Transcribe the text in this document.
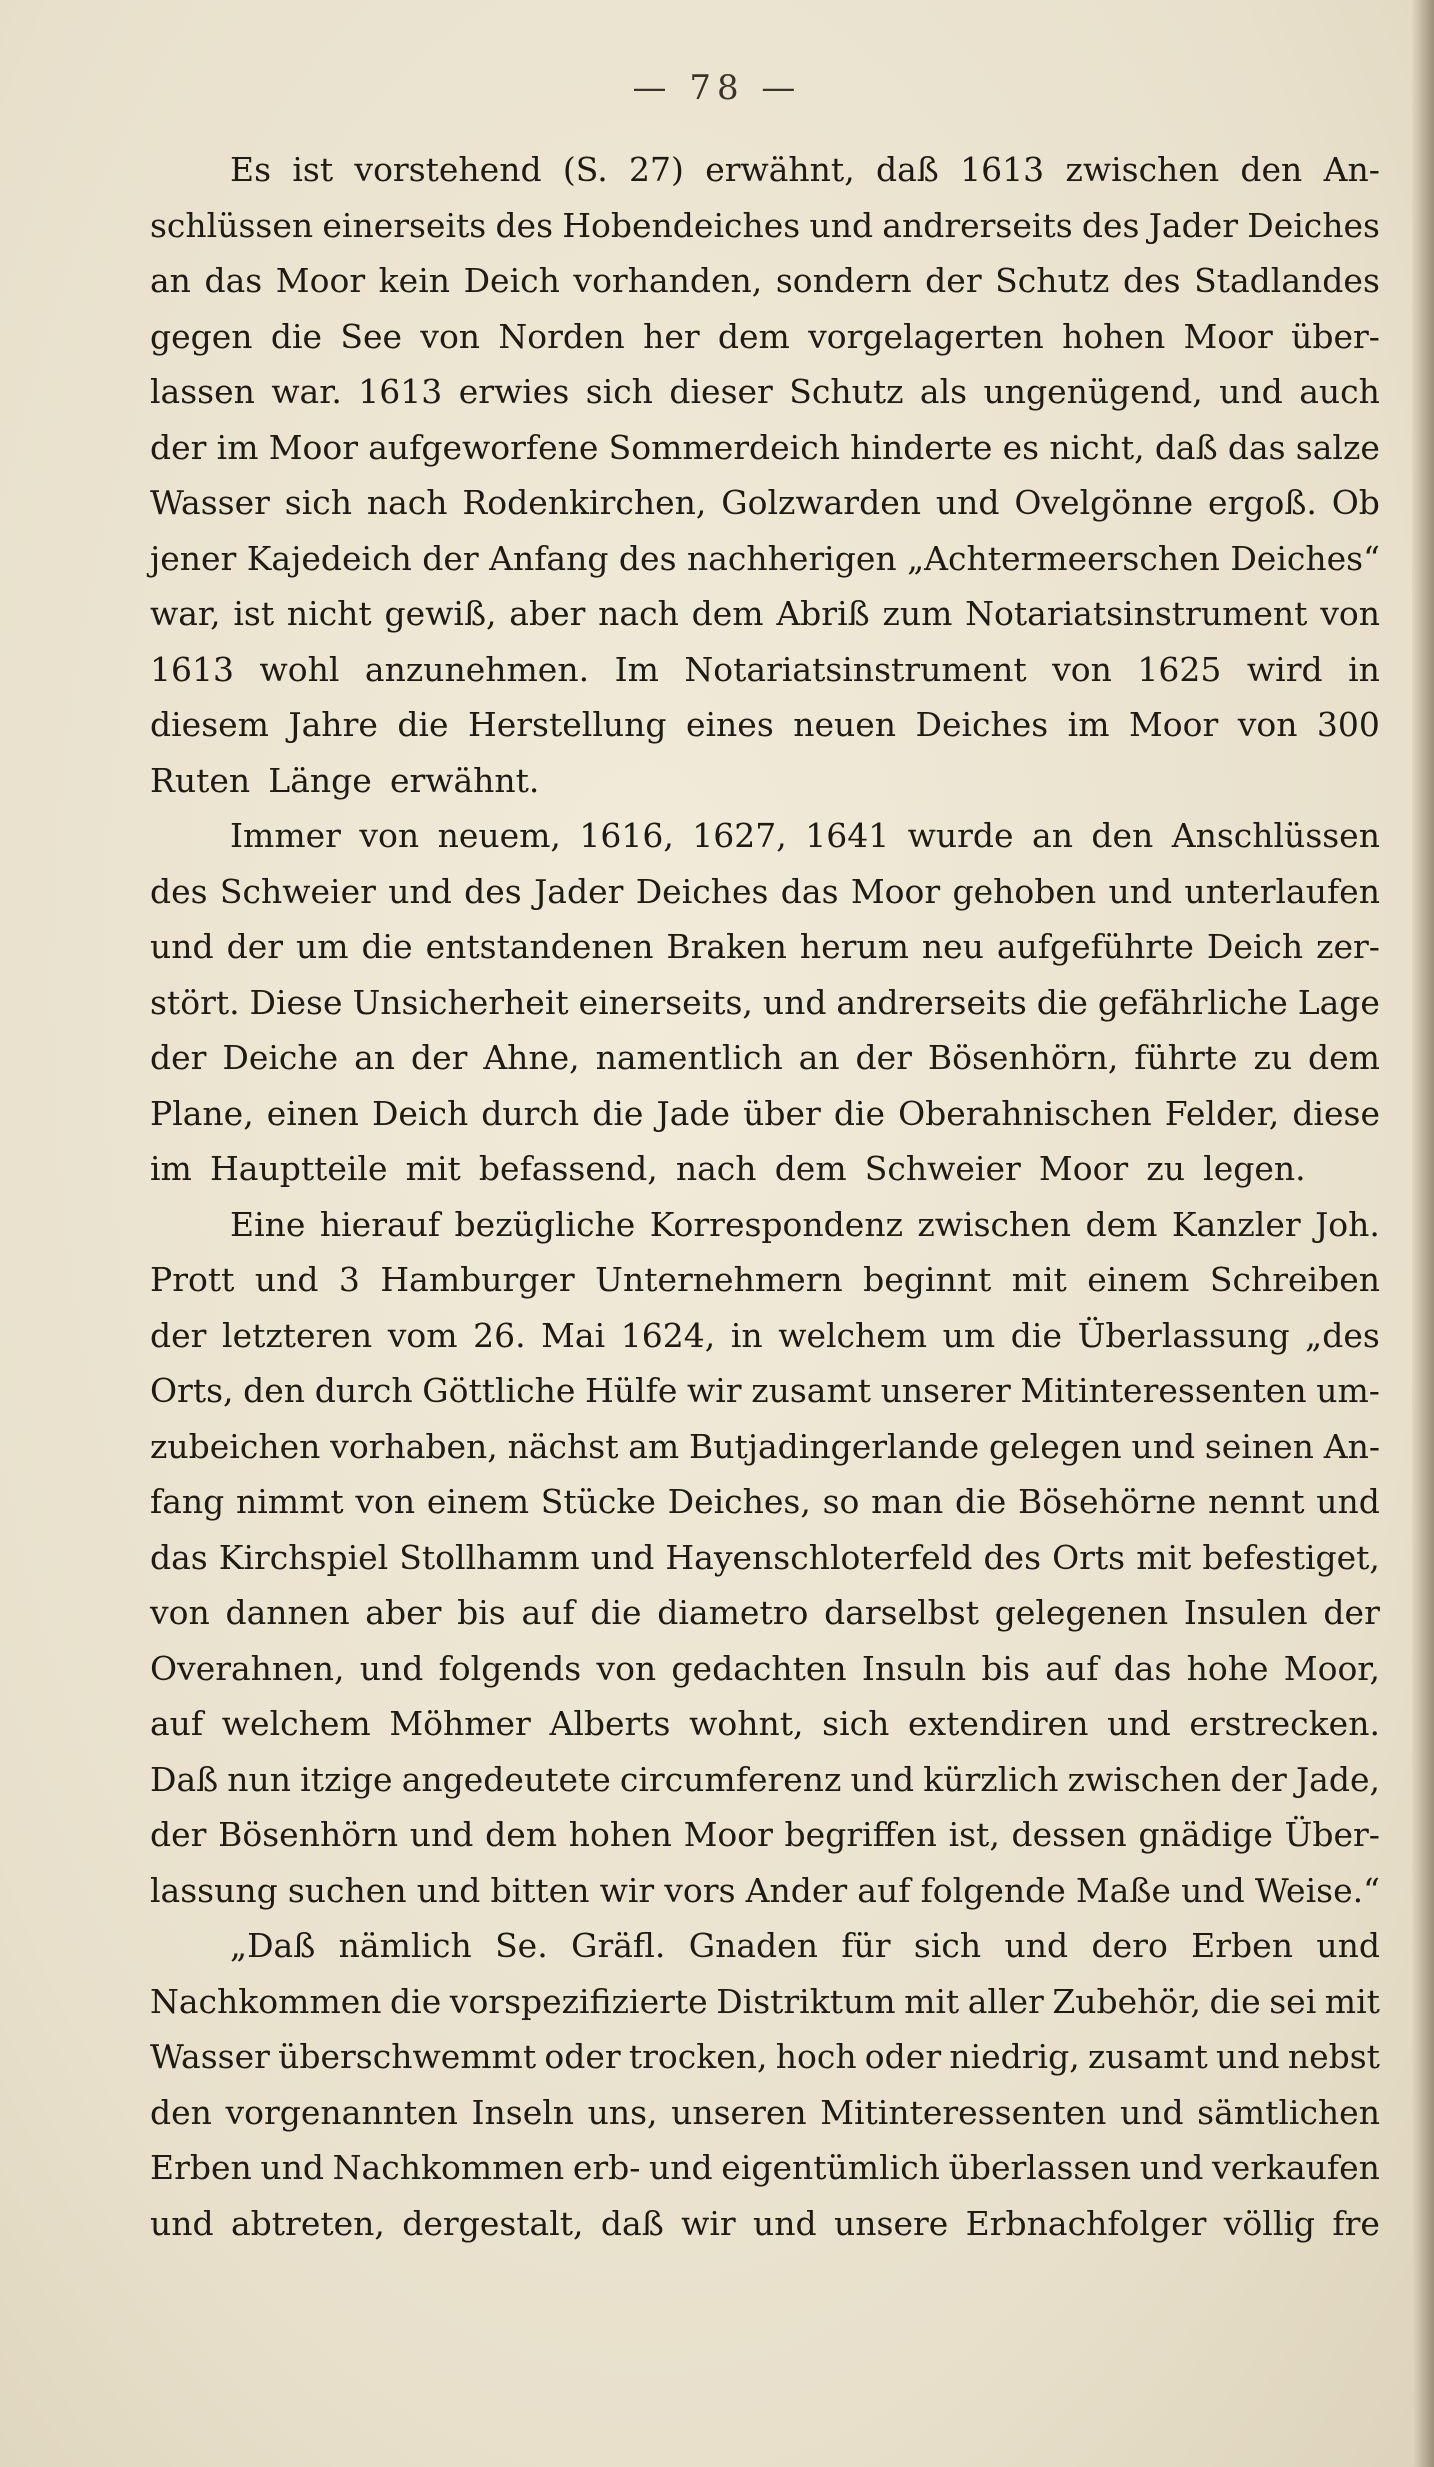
— 78 —
Es ist vorstehend (S. 27) erwähnt, daß 1613 zwischen den An-
schlüssen einerseits des Hobendeiches und andrerseits des Jader Deiches
an das Moor kein Deich vorhanden, sondern der Schutz des Stadlandes
gegen die See von Norden her dem vorgelagerten hohen Moor über-
lassen war. 1613 erwies sich dieser Schutz als ungenügend, und auch
der im Moor aufgeworfene Sommerdeich hinderte es nicht, daß das salze
Wasser sich nach Rodenkirchen, Golzwarden und Ovelgönne ergoß. Ob
jener Kajedeich der Anfang des nachherigen „Achtermeerschen Deiches“
war, ist nicht gewiß, aber nach dem Abriß zum Notariatsinstrument von
1613 wohl anzunehmen. Im Notariatsinstrument von 1625 wird in
diesem Jahre die Herstellung eines neuen Deiches im Moor von 300
Ruten Länge erwähnt.
Immer von neuem, 1616, 1627, 1641 wurde an den Anschlüssen
des Schweier und des Jader Deiches das Moor gehoben und unterlaufen
und der um die entstandenen Braken herum neu aufgeführte Deich zer-
stört. Diese Unsicherheit einerseits, und andrerseits die gefährliche Lage
der Deiche an der Ahne, namentlich an der Bösenhörn, führte zu dem
Plane, einen Deich durch die Jade über die Oberahnischen Felder, diese
im Hauptteile mit befassend, nach dem Schweier Moor zu legen.
Eine hierauf bezügliche Korrespondenz zwischen dem Kanzler Joh.
Prott und 3 Hamburger Unternehmern beginnt mit einem Schreiben
der letzteren vom 26. Mai 1624, in welchem um die Überlassung „des
Orts, den durch Göttliche Hülfe wir zusamt unserer Mitinteressenten um-
zubeichen vorhaben, nächst am Butjadingerlande gelegen und seinen An-
fang nimmt von einem Stücke Deiches, so man die Bösehörne nennt und
das Kirchspiel Stollhamm und Hayenschloterfeld des Orts mit befestiget,
von dannen aber bis auf die diametro darselbst gelegenen Insulen der
Overahnen, und folgends von gedachten Insuln bis auf das hohe Moor,
auf welchem Möhmer Alberts wohnt, sich extendiren und erstrecken.
Daß nun itzige angedeutete circumferenz und kürzlich zwischen der Jade,
der Bösenhörn und dem hohen Moor begriffen ist, dessen gnädige Über-
lassung suchen und bitten wir vors Ander auf folgende Maße und Weise.“
„Daß nämlich Se. Gräfl. Gnaden für sich und dero Erben und
Nachkommen die vorspezifizierte Distriktum mit aller Zubehör, die sei mit
Wasser überschwemmt oder trocken, hoch oder niedrig, zusamt und nebst
den vorgenannten Inseln uns, unseren Mitinteressenten und sämtlichen
Erben und Nachkommen erb- und eigentümlich überlassen und verkaufen
und abtreten, dergestalt, daß wir und unsere Erbnachfolger völlig fre
